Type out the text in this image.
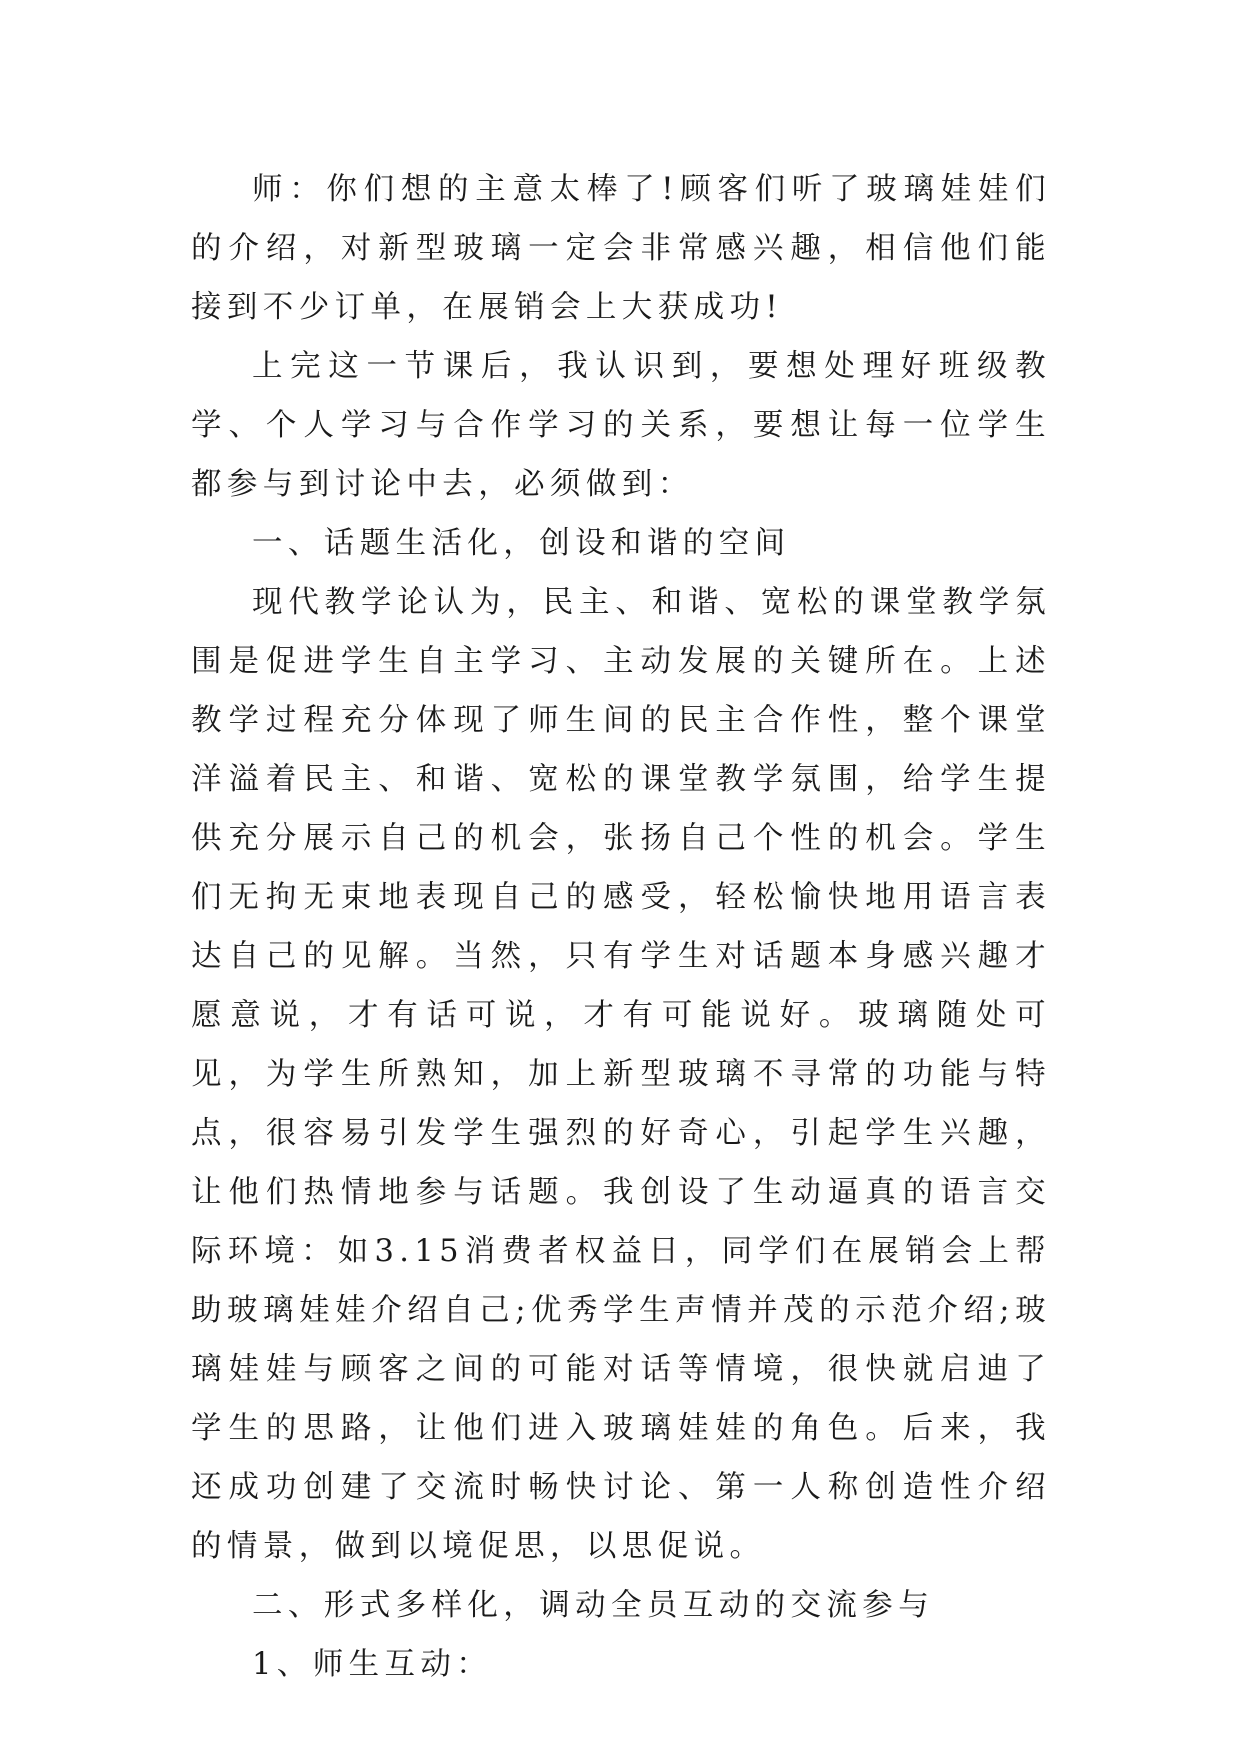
师：你们想的主意太棒了!顾客们听了玻璃娃娃们的介绍，对新型玻璃一定会非常感兴趣，相信他们能接到不少订单，在展销会上大获成功!

上完这一节课后，我认识到，要想处理好班级教学、个人学习与合作学习的关系，要想让每一位学生都参与到讨论中去，必须做到：

一、话题生活化，创设和谐的空间

现代教学论认为，民主、和谐、宽松的课堂教学氛围是促进学生自主学习、主动发展的关键所在。上述教学过程充分体现了师生间的民主合作性，整个课堂洋溢着民主、和谐、宽松的课堂教学氛围，给学生提供充分展示自己的机会，张扬自己个性的机会。学生们无拘无束地表现自己的感受，轻松愉快地用语言表达自己的见解。当然，只有学生对话题本身感兴趣才愿意说，才有话可说，才有可能说好。玻璃随处可见，为学生所熟知，加上新型玻璃不寻常的功能与特点，很容易引发学生强烈的好奇心，引起学生兴趣，让他们热情地参与话题。我创设了生动逼真的语言交际环境：如3.15消费者权益日，同学们在展销会上帮助玻璃娃娃介绍自己;优秀学生声情并茂的示范介绍;玻璃娃娃与顾客之间的可能对话等情境，很快就启迪了学生的思路，让他们进入玻璃娃娃的角色。后来，我还成功创建了交流时畅快讨论、第一人称创造性介绍的情景，做到以境促思，以思促说。

二、形式多样化，调动全员互动的交流参与

1、师生互动：
